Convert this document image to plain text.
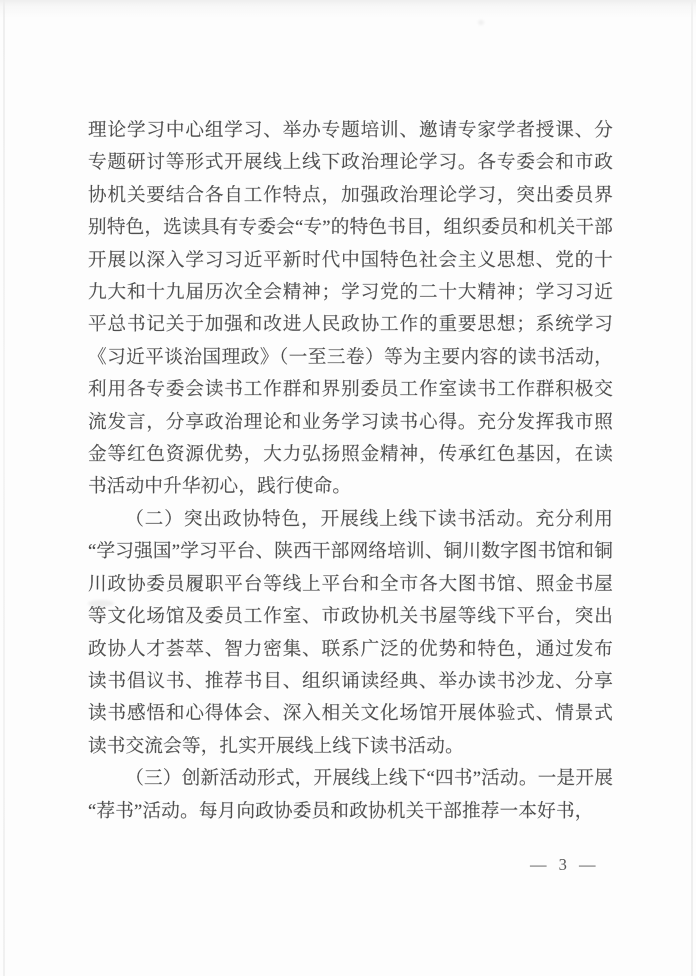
理论学习中心组学习、举办专题培训、邀请专家学者授课、分专题研讨等形式开展线上线下政治理论学习。各专委会和市政协机关要结合各自工作特点，加强政治理论学习，突出委员界别特色，选读具有专委会“专”的特色书目，组织委员和机关干部开展以深入学习习近平新时代中国特色社会主义思想、党的十九大和十九届历次全会精神；学习党的二十大精神；学习习近平总书记关于加强和改进人民政协工作的重要思想；系统学习《习近平谈治国理政》（一至三卷）等为主要内容的读书活动，利用各专委会读书工作群和界别委员工作室读书工作群积极交流发言，分享政治理论和业务学习读书心得。充分发挥我市照金等红色资源优势，大力弘扬照金精神，传承红色基因，在读书活动中升华初心，践行使命。

（二）突出政协特色，开展线上线下读书活动。充分利用“学习强国”学习平台、陕西干部网络培训、铜川数字图书馆和铜川政协委员履职平台等线上平台和全市各大图书馆、照金书屋等文化场馆及委员工作室、市政协机关书屋等线下平台，突出政协人才荟萃、智力密集、联系广泛的优势和特色，通过发布读书倡议书、推荐书目、组织诵读经典、举办读书沙龙、分享读书感悟和心得体会、深入相关文化场馆开展体验式、情景式读书交流会等，扎实开展线上线下读书活动。

（三）创新活动形式，开展线上线下“四书”活动。一是开展“荐书”活动。每月向政协委员和政协机关干部推荐一本好书，

— 3 —
